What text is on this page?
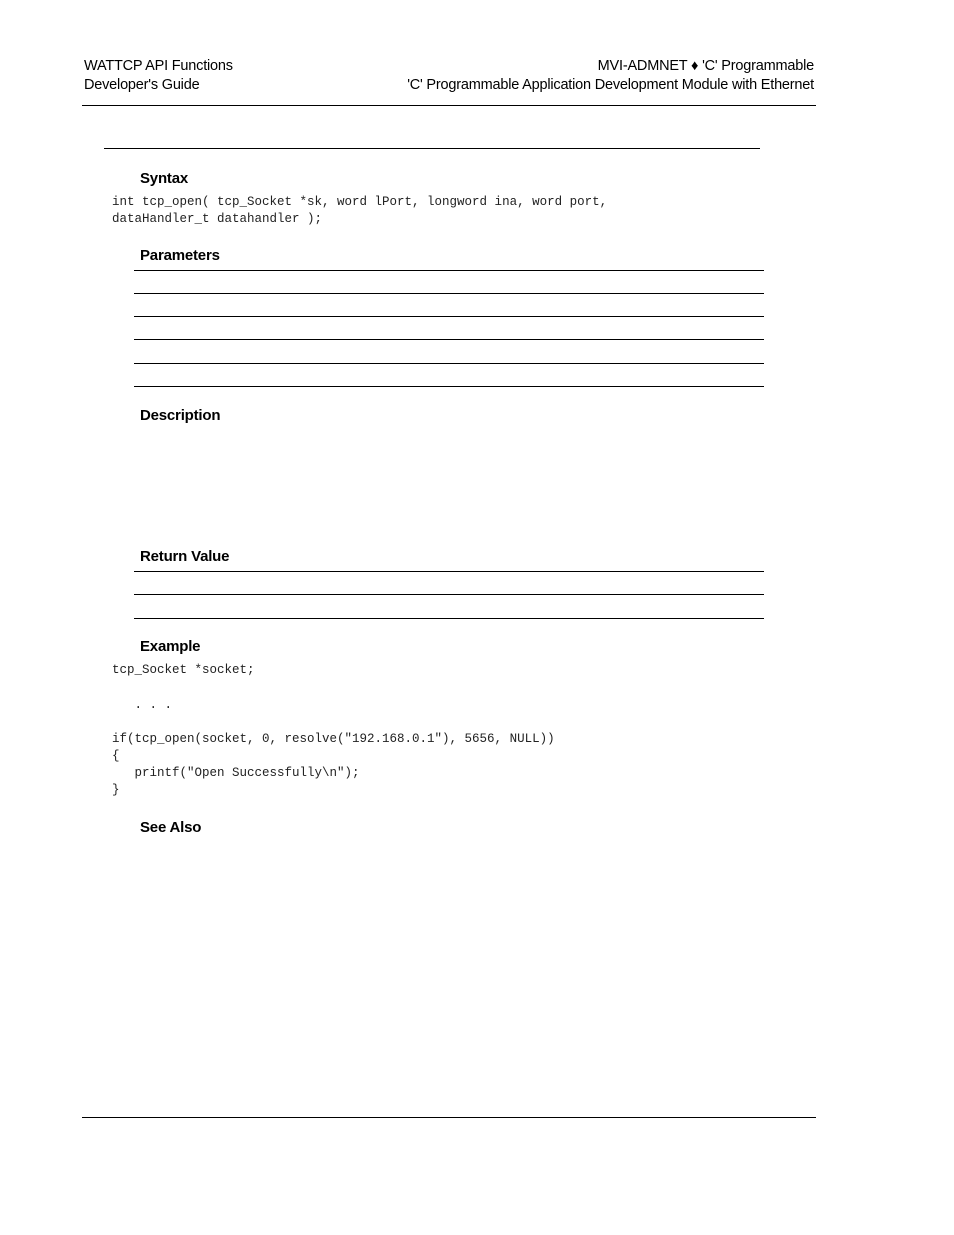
WATTCP API Functions
Developer's Guide
MVI-ADMNET ♦ 'C' Programmable
'C' Programmable Application Development Module with Ethernet
Syntax
int tcp_open( tcp_Socket *sk, word lPort, longword ina, word port,
dataHandler_t datahandler );
Parameters
Description
Return Value
Example
tcp_Socket *socket;
. . .
if(tcp_open(socket, 0, resolve("192.168.0.1"), 5656, NULL))
{
printf("Open Successfully\n");
}
See Also
